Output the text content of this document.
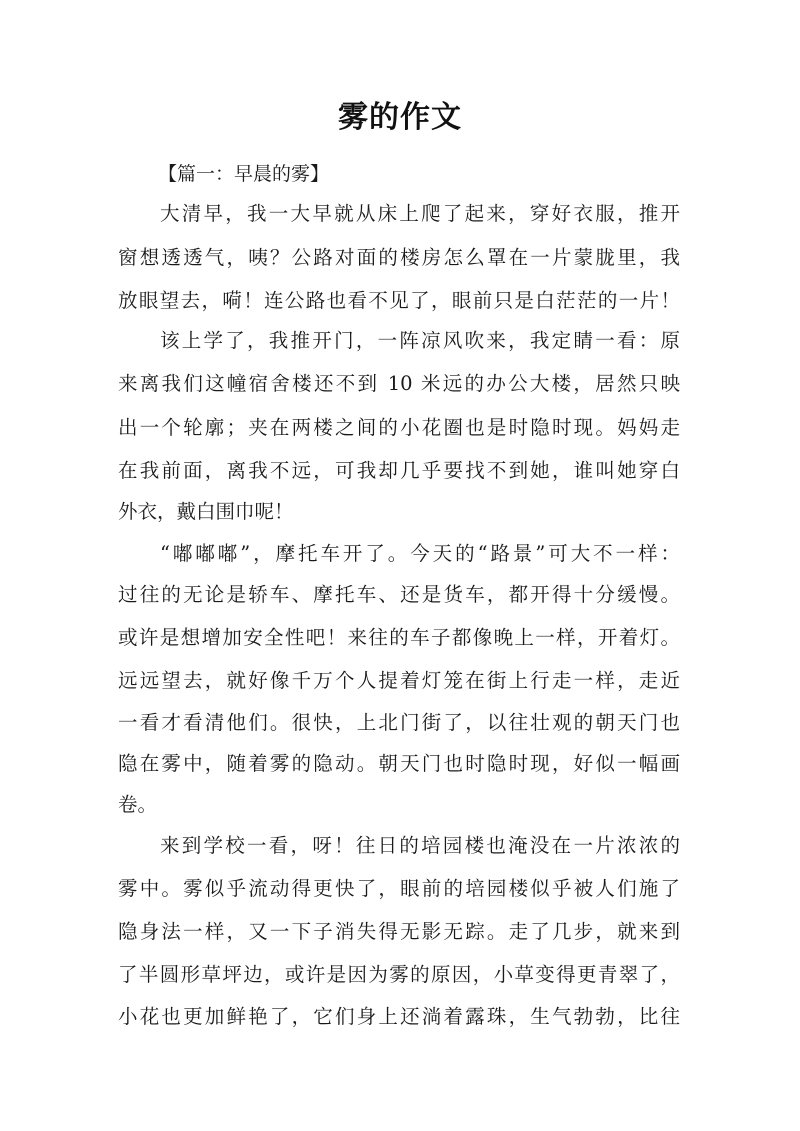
雾的作文
【篇一：早晨的雾】
大清早，我一大早就从床上爬了起来，穿好衣服，推开
窗想透透气，咦？公路对面的楼房怎么罩在一片蒙胧里，我
放眼望去，嗬！连公路也看不见了，眼前只是白茫茫的一片！
该上学了，我推开门，一阵凉风吹来，我定睛一看：原
来离我们这幢宿舍楼还不到 10 米远的办公大楼，居然只映
出一个轮廓；夹在两楼之间的小花圈也是时隐时现。妈妈走
在我前面，离我不远，可我却几乎要找不到她，谁叫她穿白
外衣，戴白围巾呢！
“嘟嘟嘟”，摩托车开了。今天的“路景”可大不一样：
过往的无论是轿车、摩托车、还是货车，都开得十分缓慢。
或许是想增加安全性吧！来往的车子都像晚上一样，开着灯。
远远望去，就好像千万个人提着灯笼在街上行走一样，走近
一看才看清他们。很快，上北门街了，以往壮观的朝天门也
隐在雾中，随着雾的隐动。朝天门也时隐时现，好似一幅画
卷。
来到学校一看，呀！往日的培园楼也淹没在一片浓浓的
雾中。雾似乎流动得更快了，眼前的培园楼似乎被人们施了
隐身法一样，又一下子消失得无影无踪。走了几步，就来到
了半圆形草坪边，或许是因为雾的原因，小草变得更青翠了，
小花也更加鲜艳了，它们身上还淌着露珠，生气勃勃，比往
